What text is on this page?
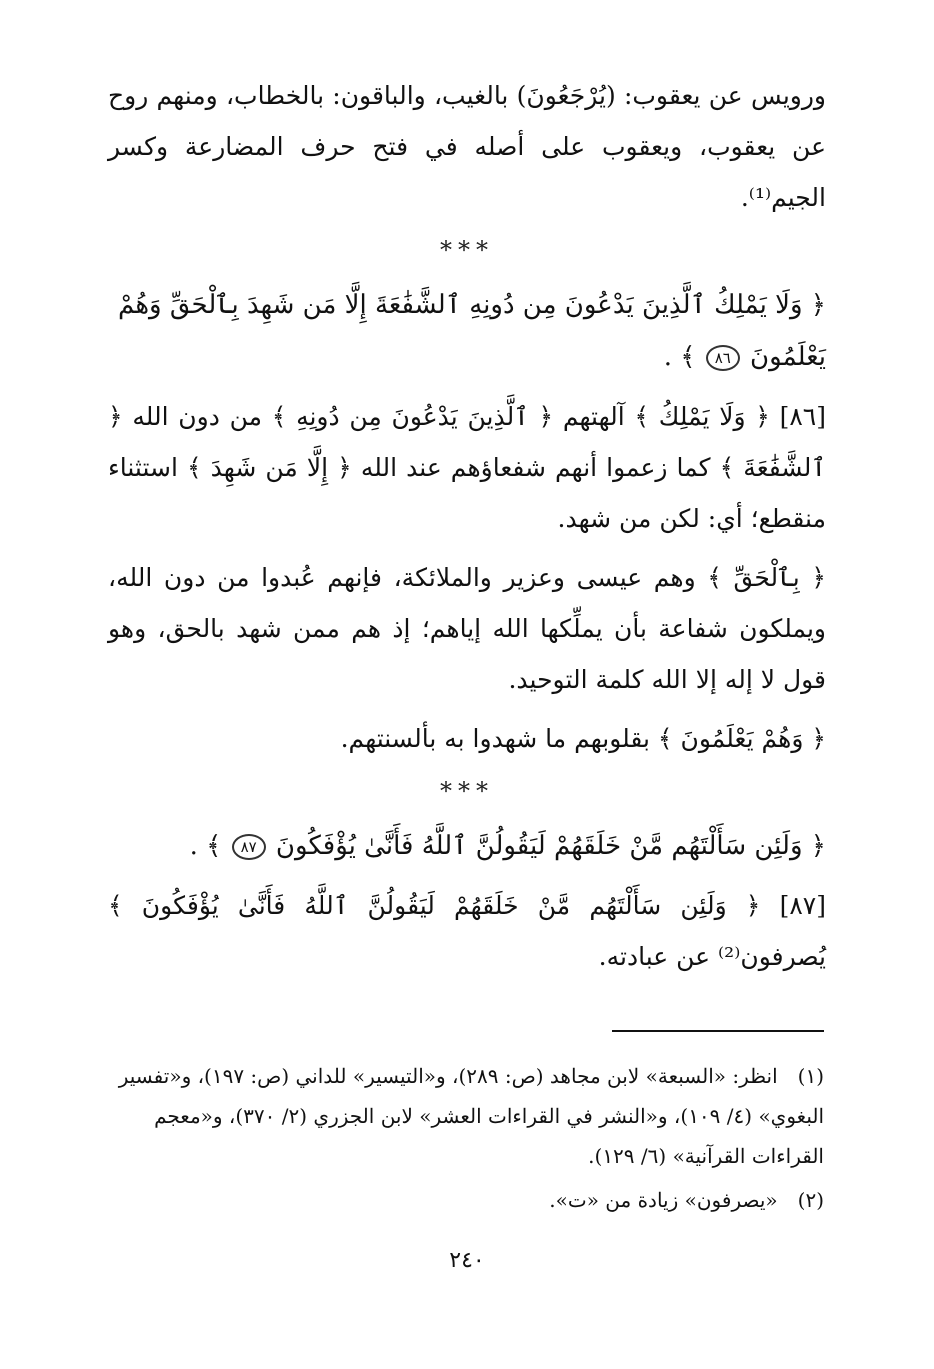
ورويس عن يعقوب: (يُرْجَعُونَ) بالغيب، والباقون: بالخطاب، ومنهم روح عن يعقوب، ويعقوب على أصله في فتح حرف المضارعة وكسر الجيم⁽¹⁾.

***

﴿ وَلَا يَمْلِكُ ٱلَّذِينَ يَدْعُونَ مِن دُونِهِ ٱلشَّفَٰعَةَ إِلَّا مَن شَهِدَ بِٱلْحَقِّ وَهُمْ يَعْلَمُونَ ٨٦ ﴾ .

[٨٦] ﴿ وَلَا يَمْلِكُ ﴾ آلهتهم ﴿ ٱلَّذِينَ يَدْعُونَ مِن دُونِهِ ﴾ من دون الله ﴿ ٱلشَّفَٰعَةَ ﴾ كما زعموا أنهم شفعاؤهم عند الله ﴿ إِلَّا مَن شَهِدَ ﴾ استثناء منقطع؛ أي: لكن من شهد.

﴿ بِٱلْحَقِّ ﴾ وهم عيسى وعزير والملائكة، فإنهم عُبدوا من دون الله، ويملكون شفاعة بأن يملِّكها الله إياهم؛ إذ هم ممن شهد بالحق، وهو قول لا إله إلا الله كلمة التوحيد.

﴿ وَهُمْ يَعْلَمُونَ ﴾ بقلوبهم ما شهدوا به بألسنتهم.

***

﴿ وَلَئِن سَأَلْتَهُم مَّنْ خَلَقَهُمْ لَيَقُولُنَّ ٱللَّهُ فَأَنَّىٰ يُؤْفَكُونَ ٨٧ ﴾ .

[٨٧] ﴿ وَلَئِن سَأَلْتَهُم مَّنْ خَلَقَهُمْ لَيَقُولُنَّ ٱللَّهُ فَأَنَّىٰ يُؤْفَكُونَ ﴾ يُصرفون⁽²⁾ عن عبادته.

(١) انظر: «السبعة» لابن مجاهد (ص: ٢٨٩)، و«التيسير» للداني (ص: ١٩٧)، و«تفسير البغوي» (٤/ ١٠٩)، و«النشر في القراءات العشر» لابن الجزري (٢/ ٣٧٠)، و«معجم القراءات القرآنية» (٦/ ١٢٩).

(٢) «يصرفون» زيادة من «ت».

٢٤٠
